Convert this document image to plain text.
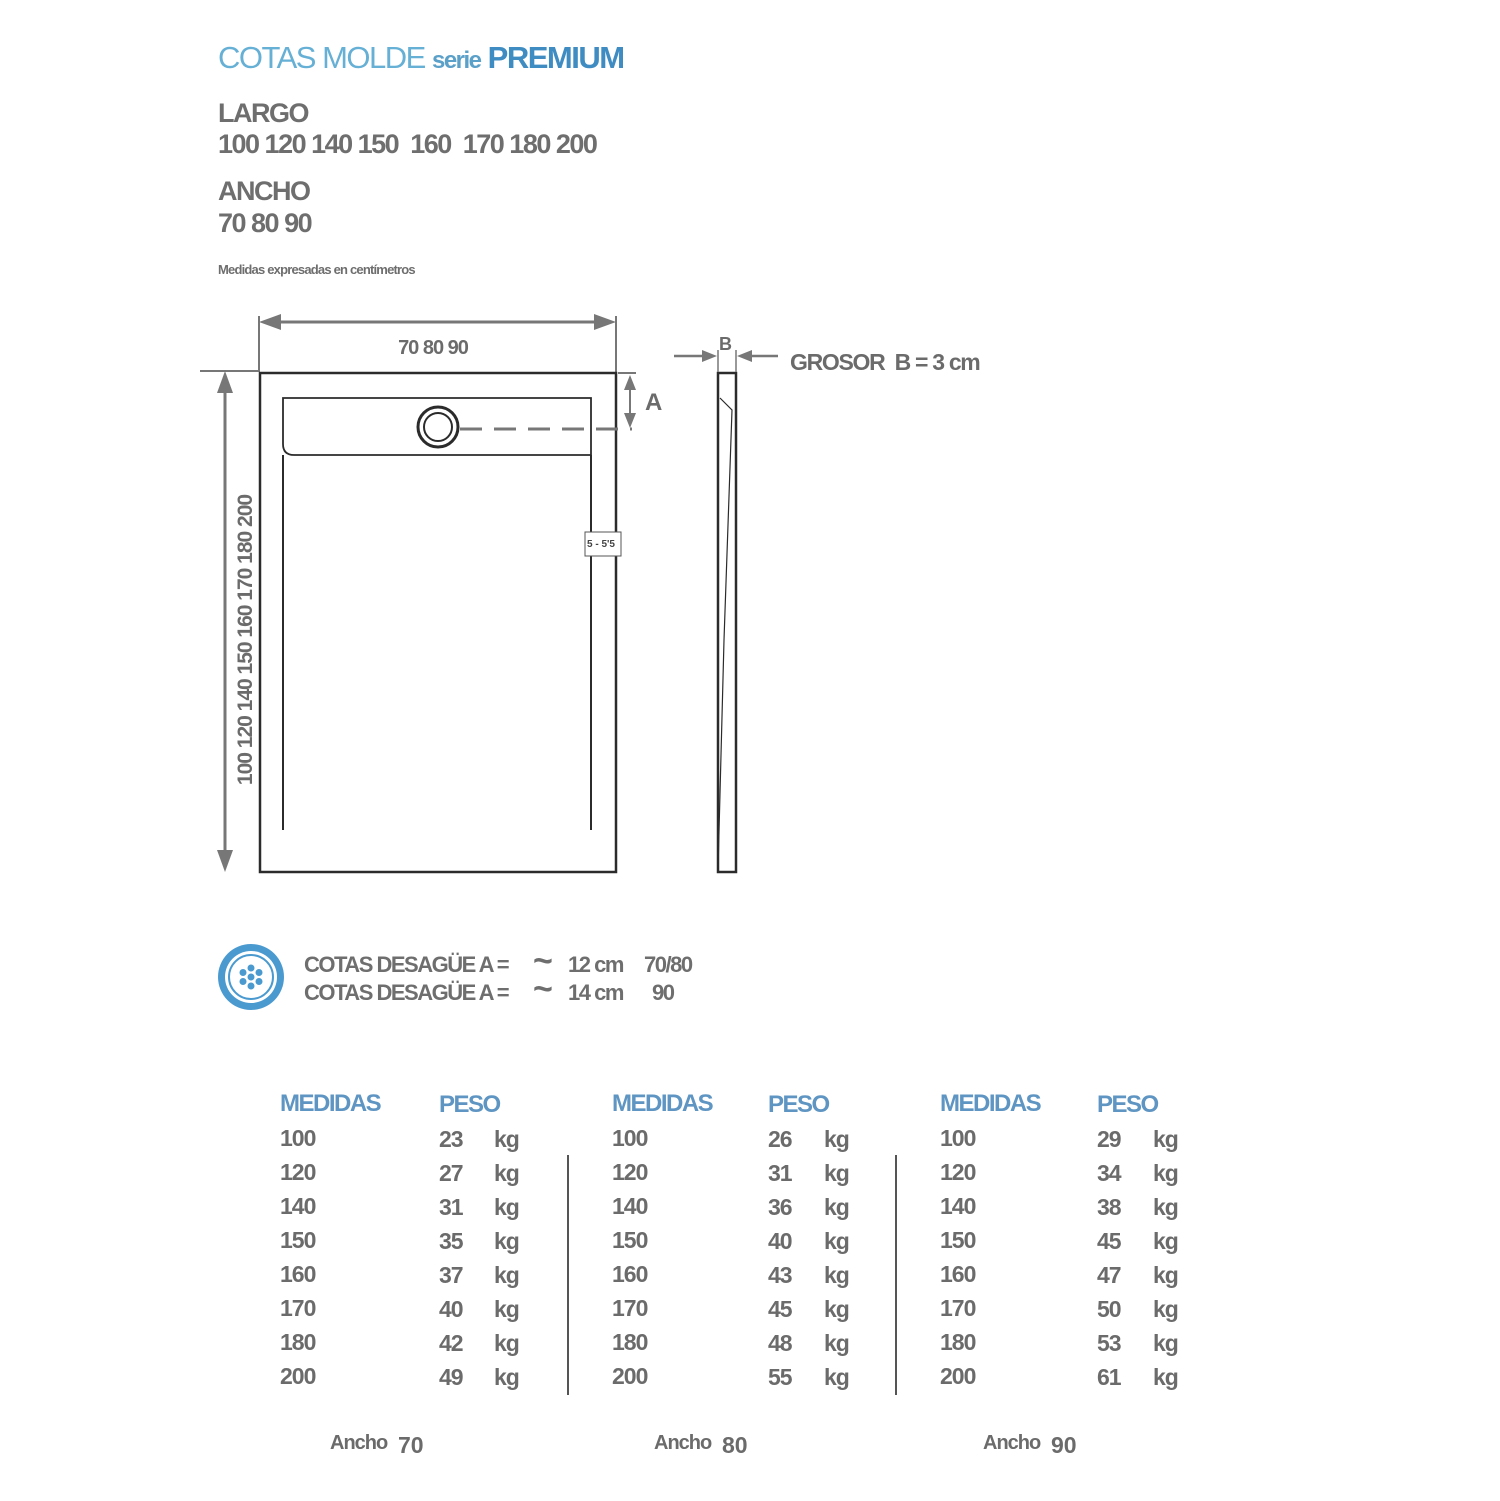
COTAS MOLDE serie PREMIUM
LARGO
100 120 140 150  160  170 180 200
ANCHO
70 80 90
Medidas expresadas en centímetros
70 80 90
100 120 140 150 160 170 180 200	5 - 5'5
A
B
GROSOR  B = 3 cm
COTAS DESAGÜE A = ~ 12 cm 70/80
COTAS DESAGÜE A = ~ 14 cm 90
MEDIDAS PESO
100	23 kg
120	27 kg
140	31 kg
150	35 kg
160	37 kg
170	40 kg
180	42 kg
200	49 kg
Ancho 70
MEDIDAS PESO
100	26 kg
120	31 kg
140	36 kg
150	40 kg
160	43 kg
170	45 kg
180	48 kg
200	55 kg
Ancho 80
MEDIDAS PESO
100	29 kg
120	34 kg
140	38 kg
150	45 kg
160	47 kg
170	50 kg
180	53 kg
200	61 kg
Ancho 90
